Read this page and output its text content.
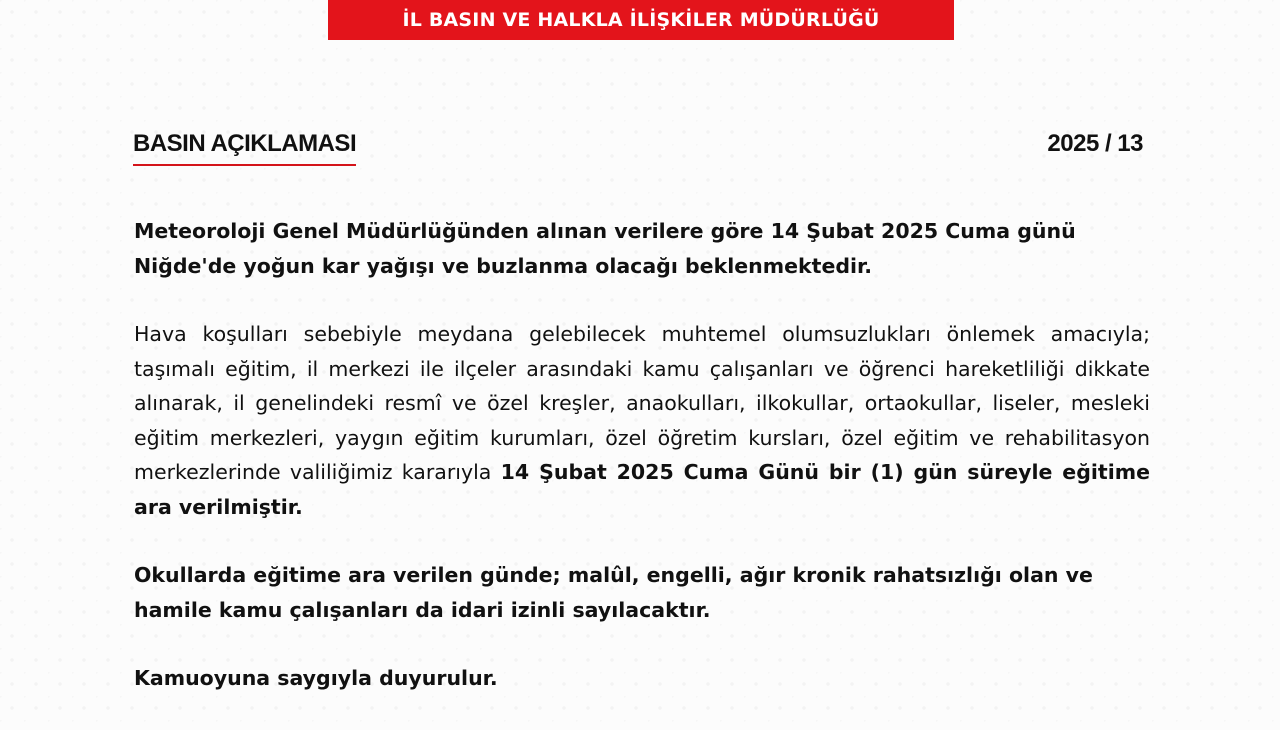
İL BASIN VE HALKLA İLİŞKİLER MÜDÜRLÜĞÜ
BASIN AÇIKLAMASI	2025 / 13

Meteoroloji Genel Müdürlüğünden alınan verilere göre 14 Şubat 2025 Cuma günü Niğde'de yoğun kar yağışı ve buzlanma olacağı beklenmektedir.

Hava koşulları sebebiyle meydana gelebilecek muhtemel olumsuzlukları önlemek amacıyla; taşımalı eğitim, il merkezi ile ilçeler arasındaki kamu çalışanları ve öğrenci hareketliliği dikkate alınarak, il genelindeki resmî ve özel kreşler, anaokulları, ilkokullar, ortaokullar, liseler, mesleki eğitim merkezleri, yaygın eğitim kurumları, özel öğretim kursları, özel eğitim ve rehabilitasyon merkezlerinde valiliğimiz kararıyla 14 Şubat 2025 Cuma Günü bir (1) gün süreyle eğitime ara verilmiştir.

Okullarda eğitime ara verilen günde; malûl, engelli, ağır kronik rahatsızlığı olan ve hamile kamu çalışanları da idari izinli sayılacaktır.

Kamuoyuna saygıyla duyurulur.
